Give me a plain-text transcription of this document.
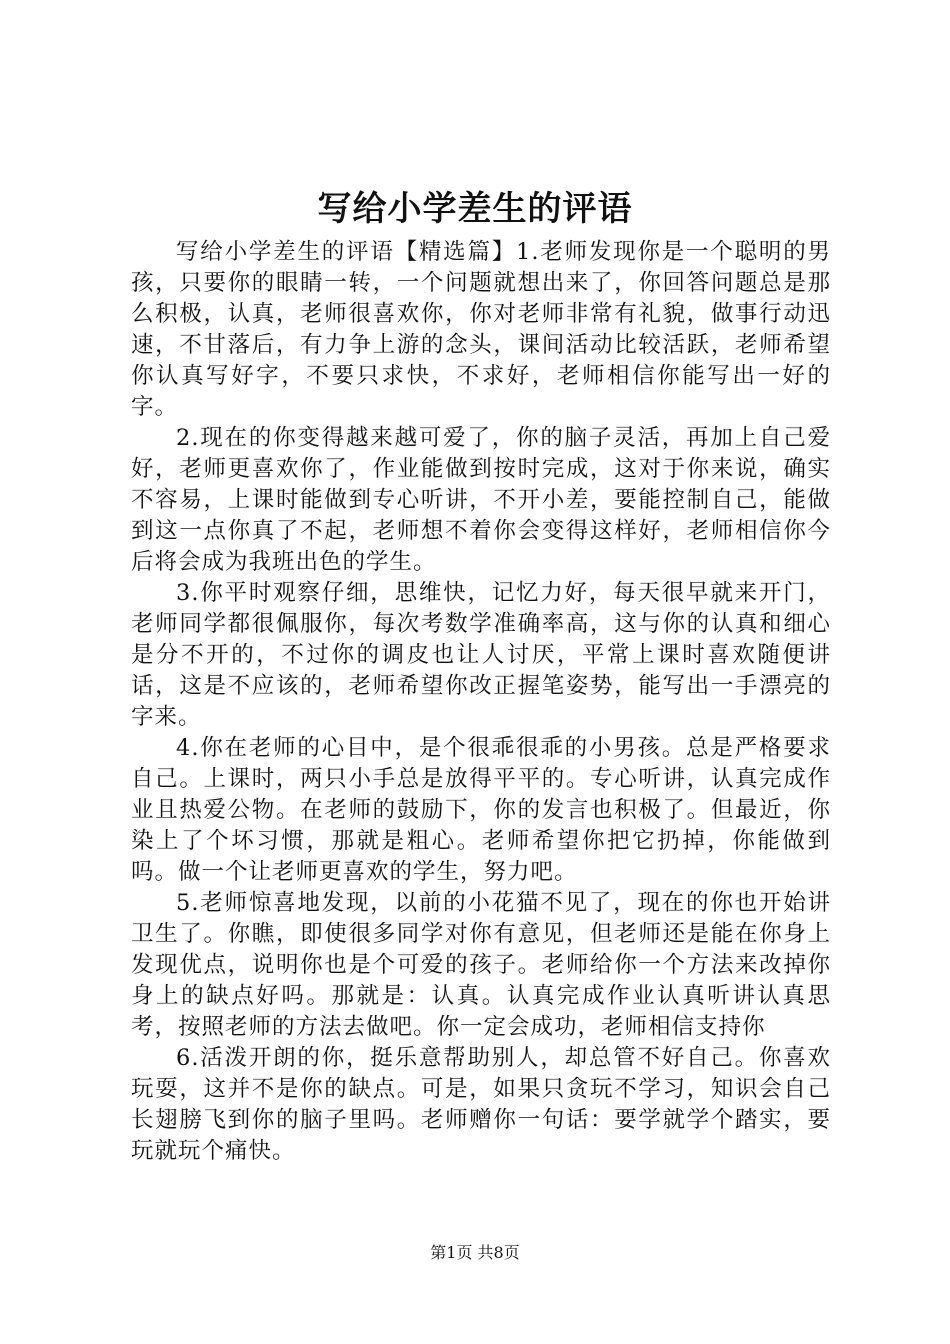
写给小学差生的评语

写给小学差生的评语【精选篇】1.老师发现你是一个聪明的男孩，只要你的眼睛一转，一个问题就想出来了，你回答问题总是那么积极，认真，老师很喜欢你，你对老师非常有礼貌，做事行动迅速，不甘落后，有力争上游的念头，课间活动比较活跃，老师希望你认真写好字，不要只求快，不求好，老师相信你能写出一好的字。

2.现在的你变得越来越可爱了，你的脑子灵活，再加上自己爱好，老师更喜欢你了，作业能做到按时完成，这对于你来说，确实不容易，上课时能做到专心听讲，不开小差，要能控制自己，能做到这一点你真了不起，老师想不着你会变得这样好，老师相信你今后将会成为我班出色的学生。

3.你平时观察仔细，思维快，记忆力好，每天很早就来开门，老师同学都很佩服你，每次考数学准确率高，这与你的认真和细心是分不开的，不过你的调皮也让人讨厌，平常上课时喜欢随便讲话，这是不应该的，老师希望你改正握笔姿势，能写出一手漂亮的字来。

4.你在老师的心目中，是个很乖很乖的小男孩。总是严格要求自己。上课时，两只小手总是放得平平的。专心听讲，认真完成作业且热爱公物。在老师的鼓励下，你的发言也积极了。但最近，你染上了个坏习惯，那就是粗心。老师希望你把它扔掉，你能做到吗。做一个让老师更喜欢的学生，努力吧。

5.老师惊喜地发现，以前的小花猫不见了，现在的你也开始讲卫生了。你瞧，即使很多同学对你有意见，但老师还是能在你身上发现优点，说明你也是个可爱的孩子。老师给你一个方法来改掉你身上的缺点好吗。那就是：认真。认真完成作业认真听讲认真思考，按照老师的方法去做吧。你一定会成功，老师相信支持你

6.活泼开朗的你，挺乐意帮助别人，却总管不好自己。你喜欢玩耍，这并不是你的缺点。可是，如果只贪玩不学习，知识会自己长翅膀飞到你的脑子里吗。老师赠你一句话：要学就学个踏实，要玩就玩个痛快。

第1页 共8页
